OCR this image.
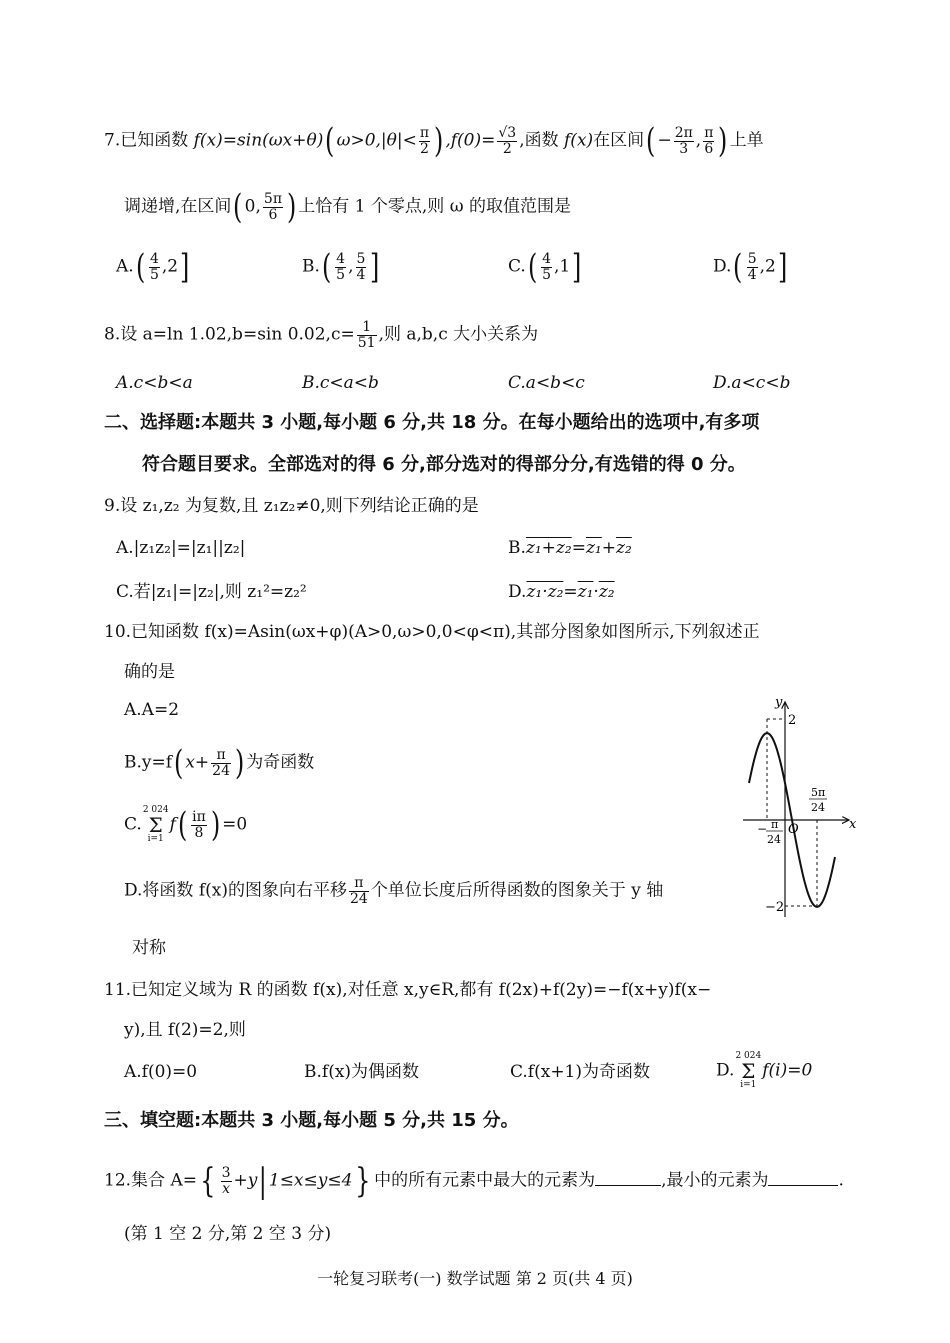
7.已知函数 f(x)=sin(ωx+θ)( $\omega>0,|\theta|< \frac{\pi}{2}$ ) $,f(0)= \frac{√3}{2}$ ,函数 f(x)在区间( − $\frac{2\pi}{3}$ , $\frac{\pi}{6}$ ) 上单
调递增,在区间( 0, $\frac{5\pi}{6}$ ) 上恰有 1 个零点,则 ω 的取值范围是
$A.( \frac{4}{5} ,2]$	$B.( \frac{4}{5}$ , $\frac{5}{4}$ ]	$C.( \frac{4}{5} ,1]$	$D.( \frac{5}{4} ,2]$
8.设 a=ln 1.02,b=sin $0.02,c= \frac{1}{51}$ ,则 a,b,c 大小关系为
A.c<b<a	B.c<a<b	C.a<b<c	D.a<c<b
二、选择题:本题共 3 小题,每小题 6 分,共 18 分。在每小题给出的选项中,有多项
符合题目要求。全部选对的得 6 分,部分选对的得部分分,有选错的得 0 分。
9.设 z₁,z₂ 为复数,且 z₁z₂≠0,则下列结论正确的是
A.|z₁z₂|=|z₁||z₂|	B.z₁+z₂=z₁+z₂
C.若|z₁|=|z₂|,则 z₁²=z₂²	D.z₁·z₂=z₁·z₂
10.已知函数 f(x)=Asin(ωx+φ)(A>0,ω>0,0<φ<π),其部分图象如图所示,下列叙述正
确的是
A.A=2
B.y=f( $x+ \frac{\pi}{24}$ ) 为奇函数
C.
2 024
Σ
i=1
$f( \frac{i\pi}{8}$ ) =0
D.将函数 f(x)的图象向右平移 $\frac{\pi}{24}$ 个单位长度后所得函数的图象关于 y 轴
对称
y
x
O
2
−2
− π
24
5π
24
11.已知定义域为 R 的函数 f(x),对任意 x,y∈R,都有 f(2x)+f(2y)=−f(x+y)f(x−
y),且 f(2)=2,则
A.f(0)=0	B.f(x)为偶函数	C.f(x+1)为奇函数	D.
2 024
Σ
i=1
f(i)=0
三、填空题:本题共 3 小题,每小题 5 分,共 15 分。
12.集合 $A=\{ \frac{3}{x} +y|$ 1≤x≤y≤4} 中的所有元素中最大的元素为	,最小的元素为	.
(第 1 空 2 分,第 2 空 3 分)
一轮复习联考(一) 数学试题 第 2 页(共 4 页)
